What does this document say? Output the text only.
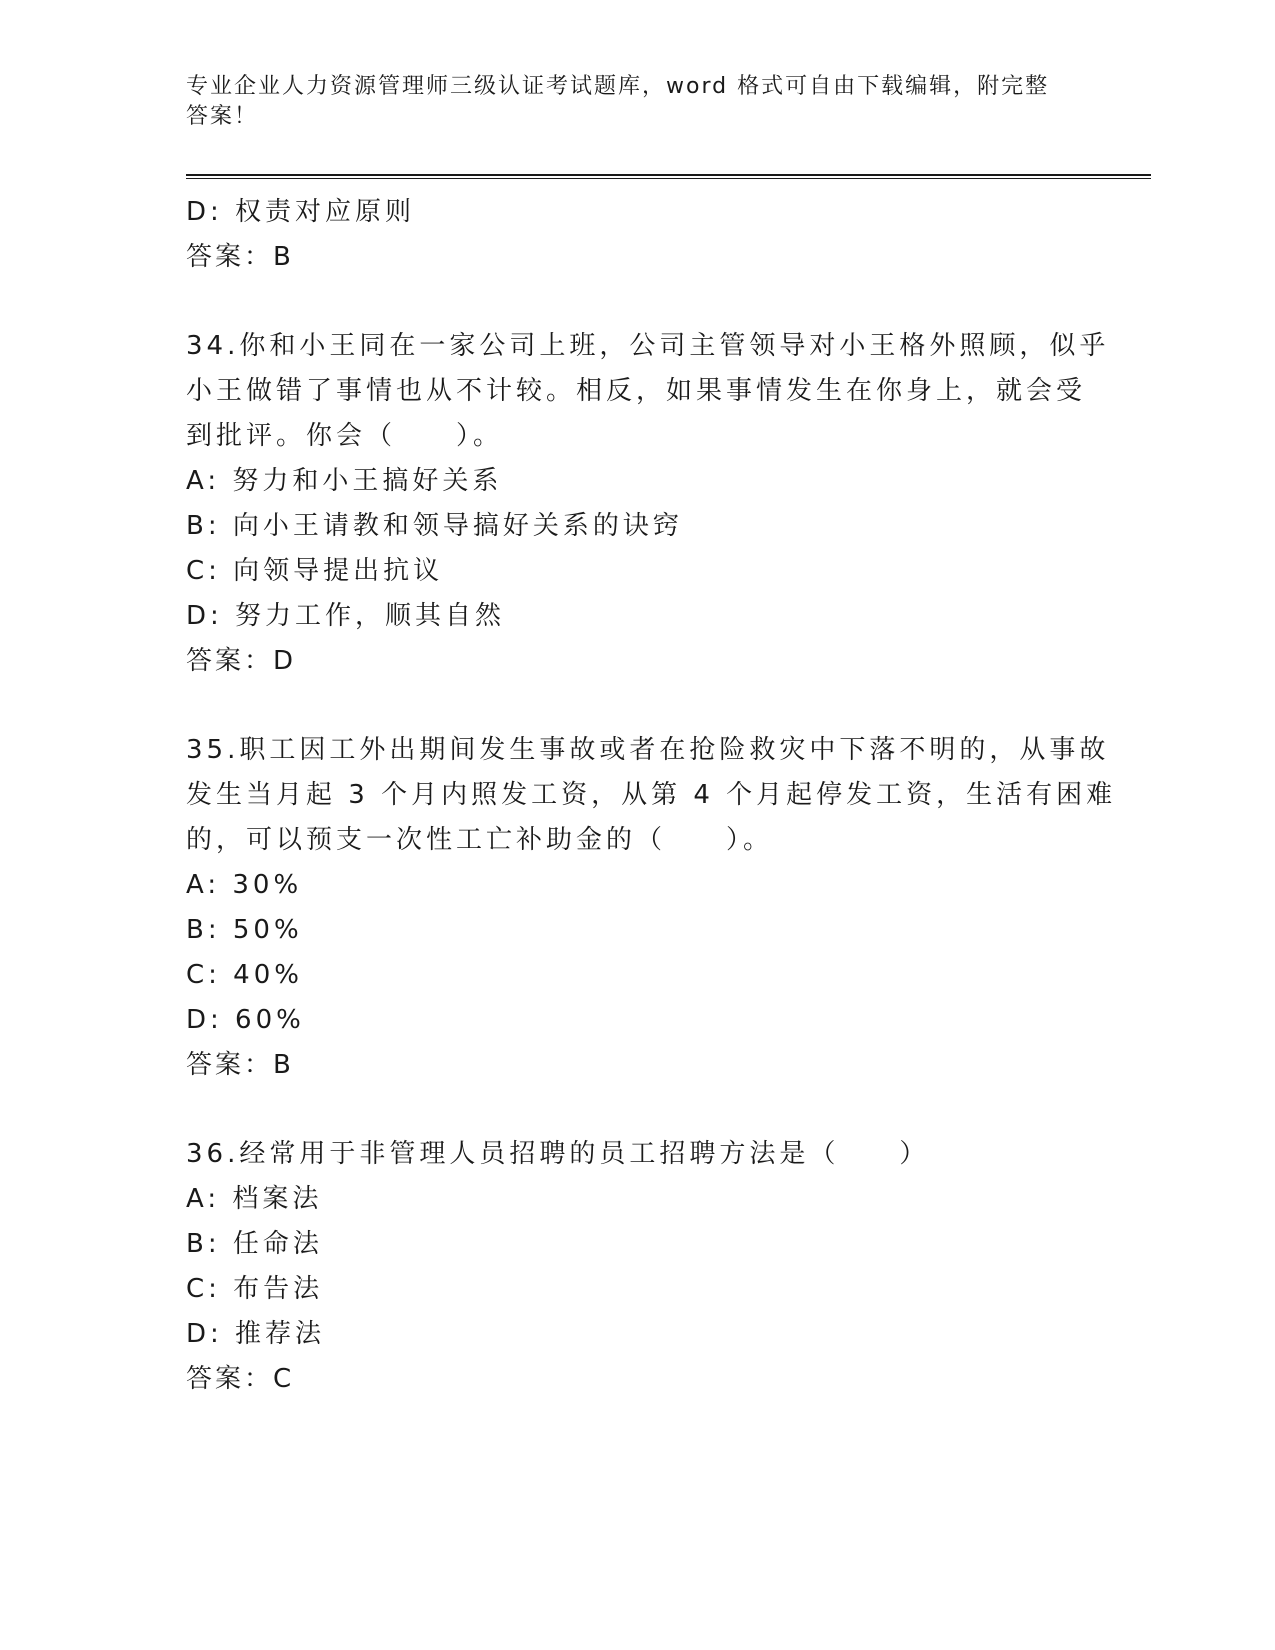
专业企业人力资源管理师三级认证考试题库，word 格式可自由下载编辑，附完整
答案！
D: 权责对应原则
答案：B
34.你和小王同在一家公司上班，公司主管领导对小王格外照顾，似乎
小王做错了事情也从不计较。相反，如果事情发生在你身上，就会受
到批评。你会（　　）。
A: 努力和小王搞好关系
B: 向小王请教和领导搞好关系的诀窍
C: 向领导提出抗议
D: 努力工作，顺其自然
答案：D
35.职工因工外出期间发生事故或者在抢险救灾中下落不明的，从事故
发生当月起 3 个月内照发工资，从第 4 个月起停发工资，生活有困难
的，可以预支一次性工亡补助金的（　　）。
A: 30%
B: 50%
C: 40%
D: 60%
答案：B
36.经常用于非管理人员招聘的员工招聘方法是（　　）
A: 档案法
B: 任命法
C: 布告法
D: 推荐法
答案：C
